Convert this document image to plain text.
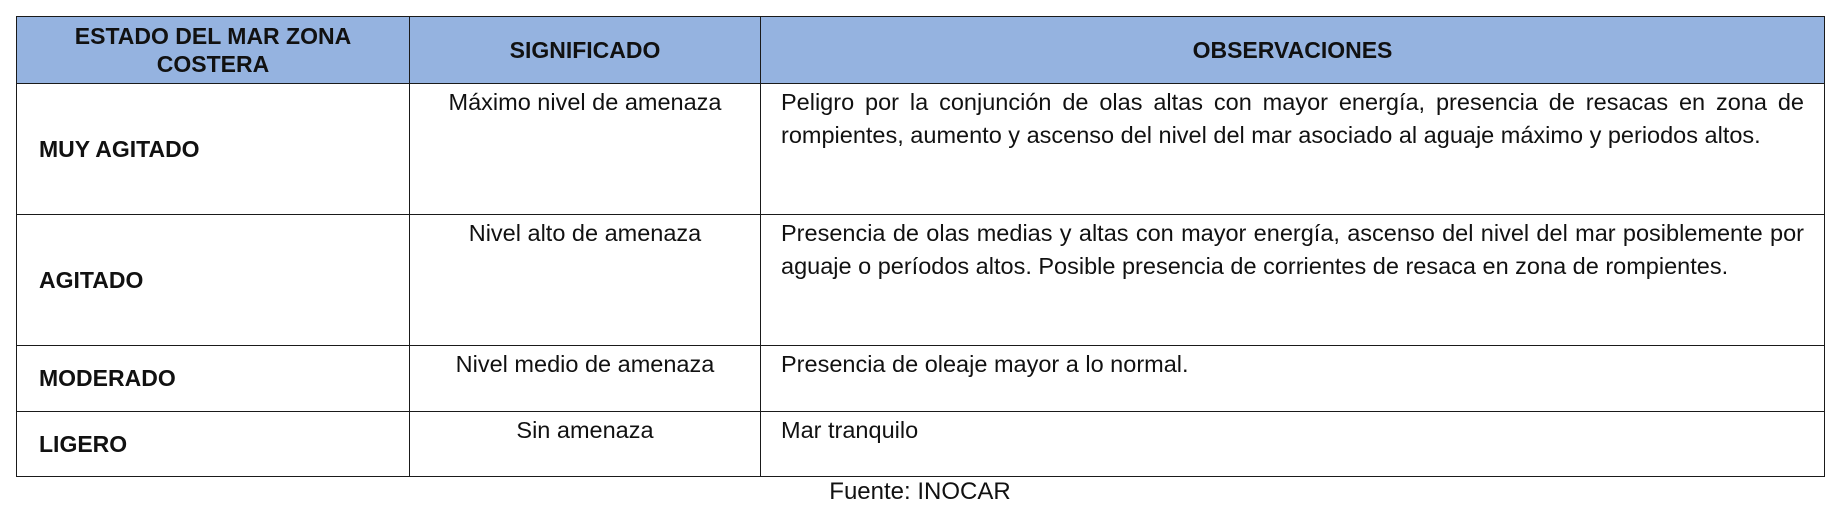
ESTADO DEL MAR ZONA COSTERA	SIGNIFICADO	OBSERVACIONES
MUY AGITADO	Máximo nivel de amenaza	Peligro por la conjunción de olas altas con mayor energía, presencia de resacas en zona de rompientes, aumento y ascenso del nivel del mar asociado al aguaje máximo y periodos altos.
AGITADO	Nivel alto de amenaza	Presencia de olas medias y altas con mayor energía, ascenso del nivel del mar posiblemente por aguaje o períodos altos. Posible presencia de corrientes de resaca en zona de rompientes.
MODERADO	Nivel medio de amenaza	Presencia de oleaje mayor a lo normal.
LIGERO	Sin amenaza	Mar tranquilo
Fuente: INOCAR
